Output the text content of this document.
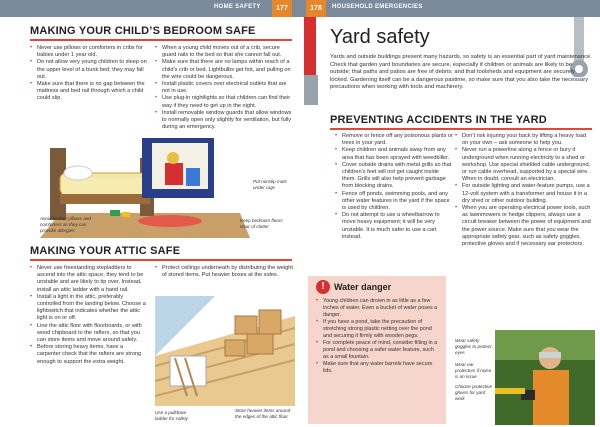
HOME SAFETY	177
MAKING YOUR CHILD’S BEDROOM SAFE
• Never use pillows or comforters in cribs for babies under 1 year old.
• Do not allow very young children to sleep on the upper level of a bunk bed; they may fall out.
• Make sure that there is no gap between the mattress and bed rail through which a child could slip.
• When a young child moves out of a crib, secure guard rails to the bed so that she cannot fall out.
• Make sure that there are no lamps within reach of a child’s crib or bed. Lightbulbs get hot, and pulling on the wire could be dangerous.
• Install plastic covers over electrical outlets that are not in use.
• Use plug-in nightlights so that children can find their way if they need to get up in the night.
• Install removable window guards that allow windows to normally open only slightly for ventilation, but fully during an emergency.
Avoid feather pillows and comforters as they can provoke allergies
Put nonslip mats under rugs
Keep bedroom floors clear of clutter
MAKING YOUR ATTIC SAFE
• Never use freestanding stepladders to ascend into the attic space; they tend to be unstable and are likely to tip over. Instead, install an attic ladder with a hand rail.
• Install a light in the attic, preferably controlled from the landing below. Choose a lightswitch that indicates whether the attic light is on or off.
• Line the attic floor with floorboards, or with wood chipboard to the rafters, so that you can store items and move around safely.
• Before storing heavy items, have a carpenter check that the rafters are strong enough to support the extra weight.
• Protect ceilings underneath by distributing the weight of stored items. Put heavier boxes at the sides.
Use a pulldown ladder for safety
Store heavier items around the edges of the attic floor
178	HOUSEHOLD EMERGENCIES
Yard safety
Yards and outside buildings present many hazards, so safety is an essential part of yard maintenance. Check that garden yard boundaries are secure, especially if children or animals are likely to be outside; that paths and patios are free of debris; and that toolsheds and equipment are securely locked. Gardening itself can be a dangerous pastime, so make sure that you also take the necessary precautions when working with tools and machinery.
PREVENTING ACCIDENTS IN THE YARD
• Remove or fence off any poisonous plants or trees in your yard.
• Keep children and animals away from any area that has been sprayed with weedkiller.
• Cover outside drains with metal grills so that children’s feet will not get caught inside them. Grills will also help prevent garbage from blocking drains.
• Fence off ponds, swimming pools, and any other water features in the yard if the space is used by children.
• Do not attempt to use a wheelbarrow to move heavy equipment; it will be very unstable. It is much safer to use a cart instead.
• Don’t risk injuring your back by lifting a heavy load on your own – ask someone to help you.
• Never run a powerline along a fence or bury it underground when running electricity to a shed or workshop. Use special shielded cable underground, or run cable overhead, supported by a special wire. When in doubt, consult an electrician.
• For outside lighting and water-feature pumps, use a 12-volt system with a transformer and house it in a dry shed or other outdoor building.
• When you are operating electrical power tools, such as lawnmowers or hedge clippers, always use a circuit breaker between the power of equipment and the power source. Make sure that you wear the appropriate safety gear, such as safety goggles, protective gloves and if necessary ear protectors.
!	Water danger
• Young children can drown in as little as a few inches of water. Even a bucket of water poses a danger.
• If you have a pond, take the precaution of stretching strong plastic netting over the pond and securing it firmly with wooden pegs.
• For complete peace of mind, consider filling in a pond and choosing a safer water feature, such as a small fountain.
• Make sure that any water barrels have secure lids.
Wear safety goggles to protect eyes
Wear ear protectors if noise is an issue
Choose protective gloves for yard work
